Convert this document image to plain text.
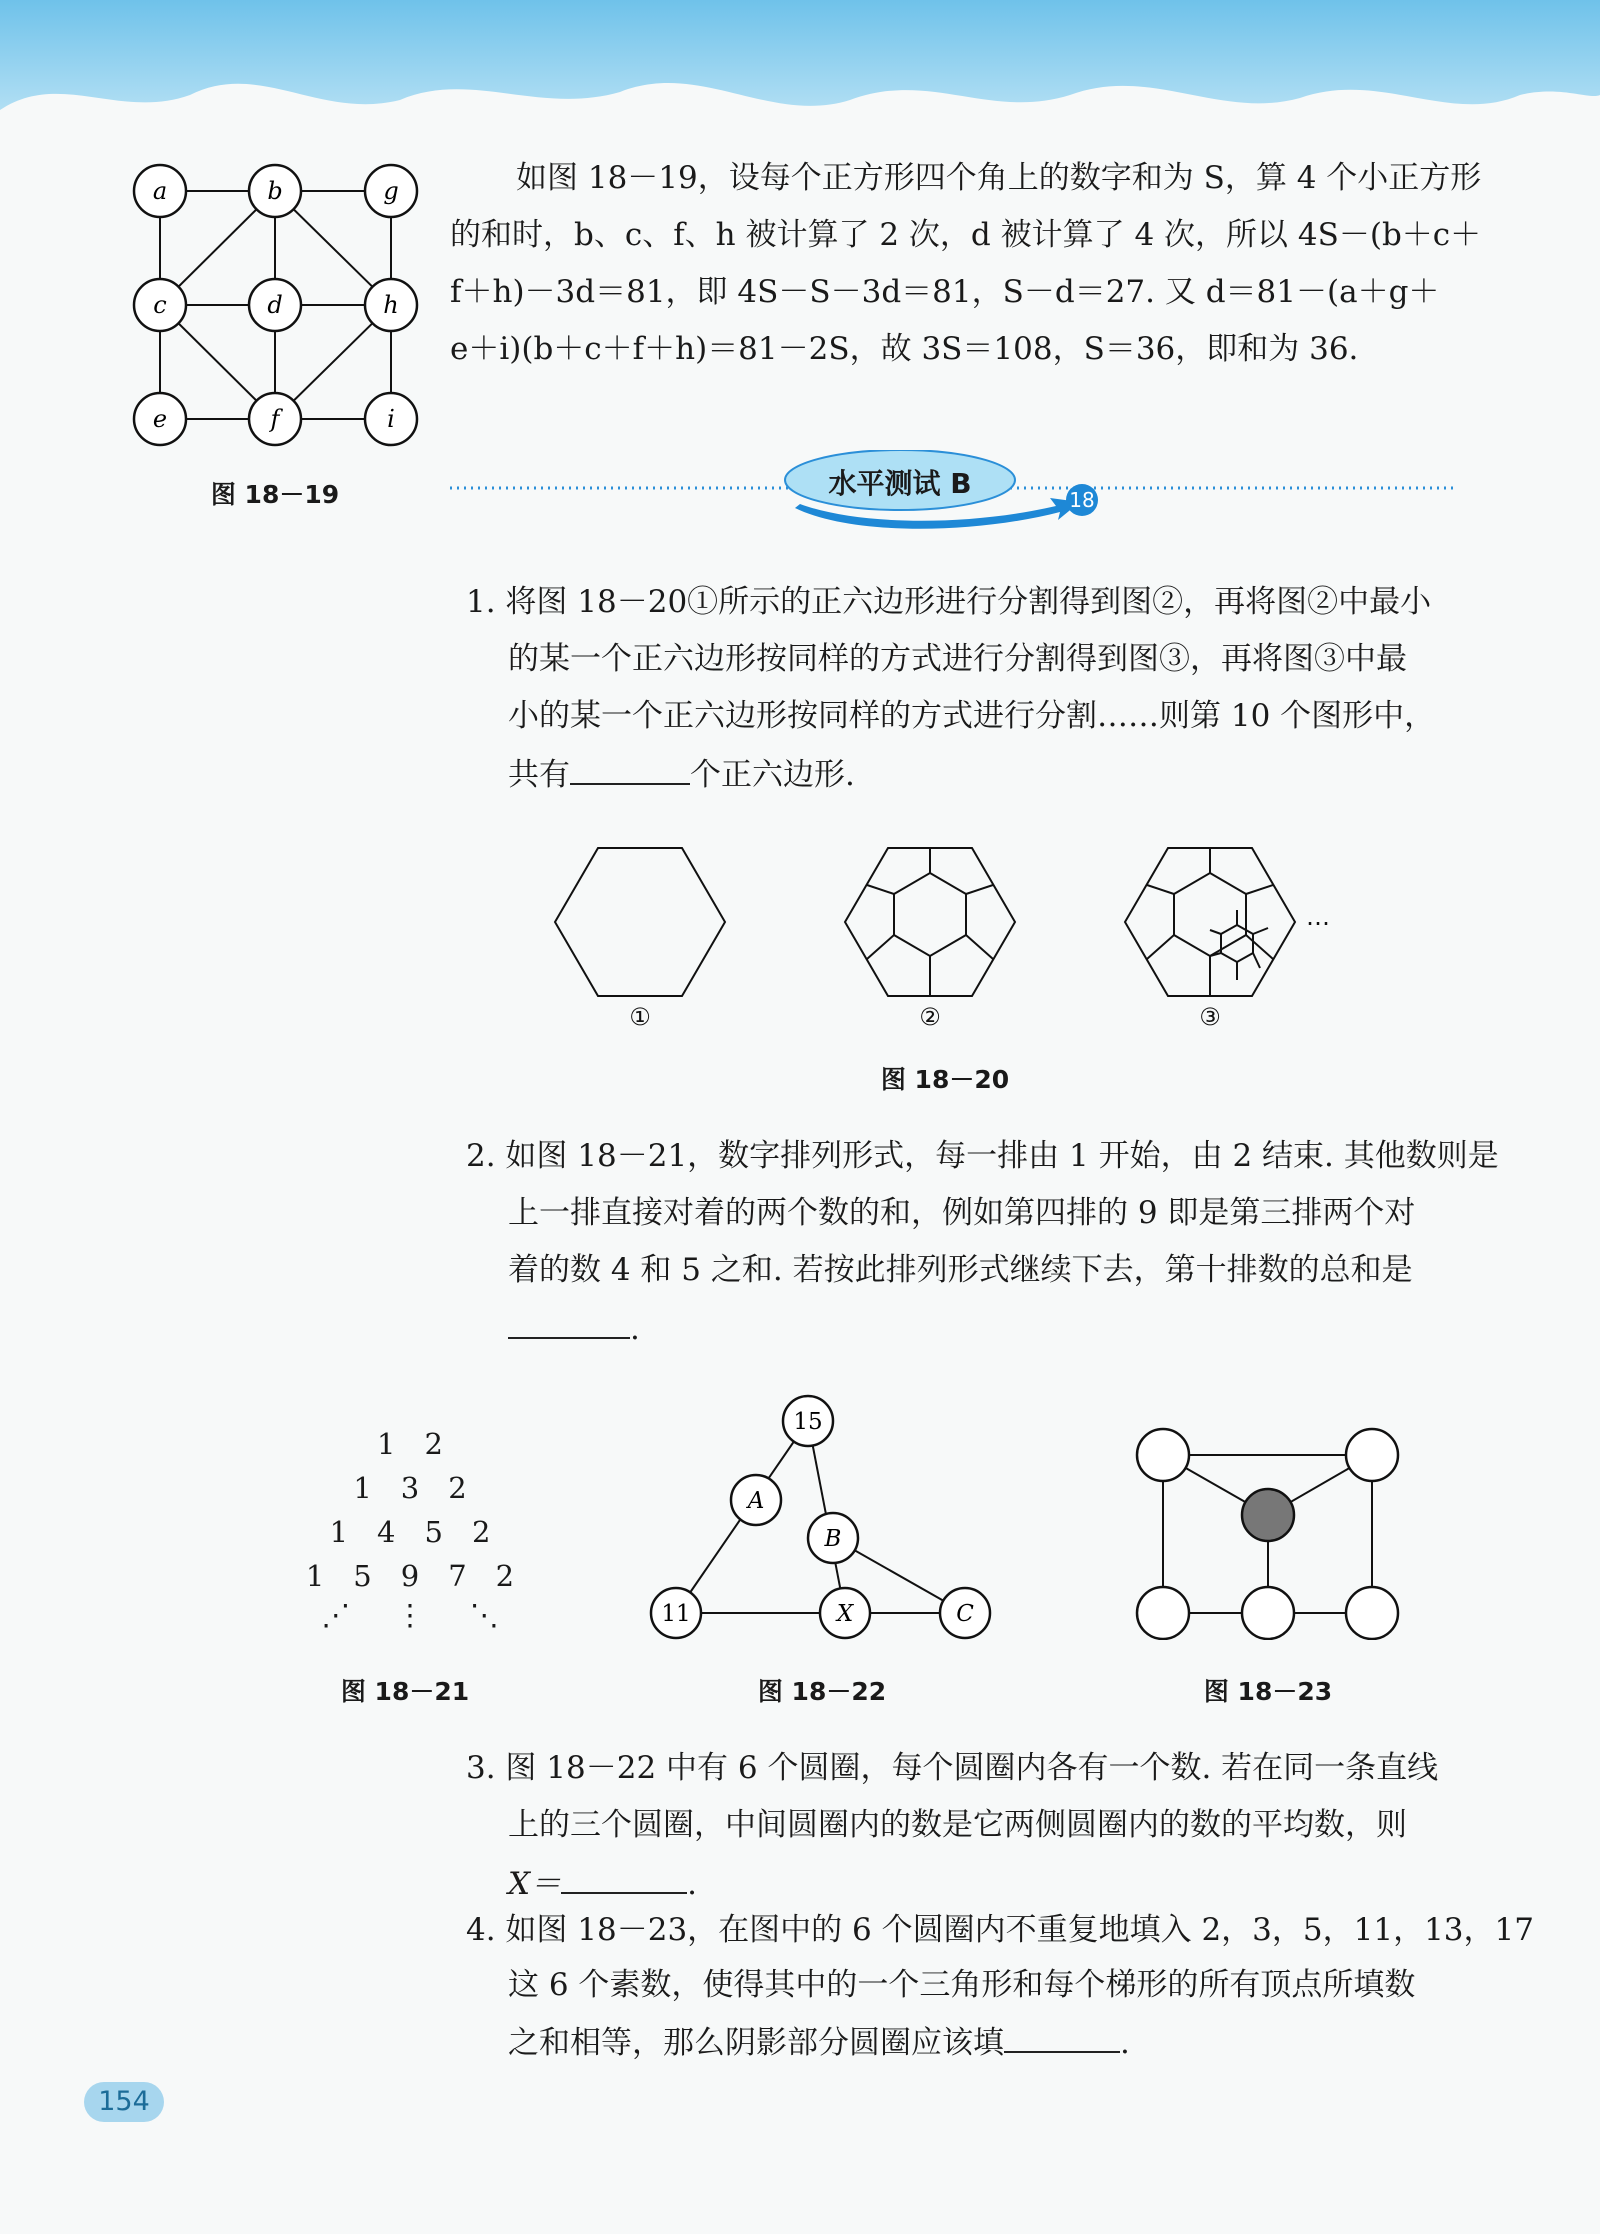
a	b	g
c	d	h
e	f	i
图 18－19

如图 18－19，设每个正方形四个角上的数字和为 S，算 4 个小正方形

的和时，b、c、f、h 被计算了 2 次，d 被计算了 4 次，所以 4S－(b＋c＋

f＋h)－3d＝81，即 4S－S－3d＝81，S－d＝27. 又 d＝81－(a＋g＋

e＋i)(b＋c＋f＋h)＝81－2S，故 3S＝108，S＝36，即和为 36.

水平测试 B	18

1. 将图 18－20①所示的正六边形进行分割得到图②，再将图②中最小

的某一个正六边形按同样的方式进行分割得到图③，再将图③中最

小的某一个正六边形按同样的方式进行分割……则第 10 个图形中，

共有	个正六边形.

①	②	③
…
图 18－20

2. 如图 18－21，数字排列形式，每一排由 1 开始，由 2 结束. 其他数则是

上一排直接对着的两个数的和，例如第四排的 9 即是第三排两个对

着的数 4 和 5 之和. 若按此排列形式继续下去，第十排数的总和是

.

1　2
1　3　2
1　4　5　2
1　5　9　7　2
⋰ ⋮ ⋱
图 18－21
15
A
B
11	X	C
图 18－22	图 18－23

3. 图 18－22 中有 6 个圆圈，每个圆圈内各有一个数. 若在同一条直线

上的三个圆圈，中间圆圈内的数是它两侧圆圈内的数的平均数，则

X＝	.

4. 如图 18－23，在图中的 6 个圆圈内不重复地填入 2，3，5，11，13，17

这 6 个素数，使得其中的一个三角形和每个梯形的所有顶点所填数

之和相等，那么阴影部分圆圈应该填	.

154
